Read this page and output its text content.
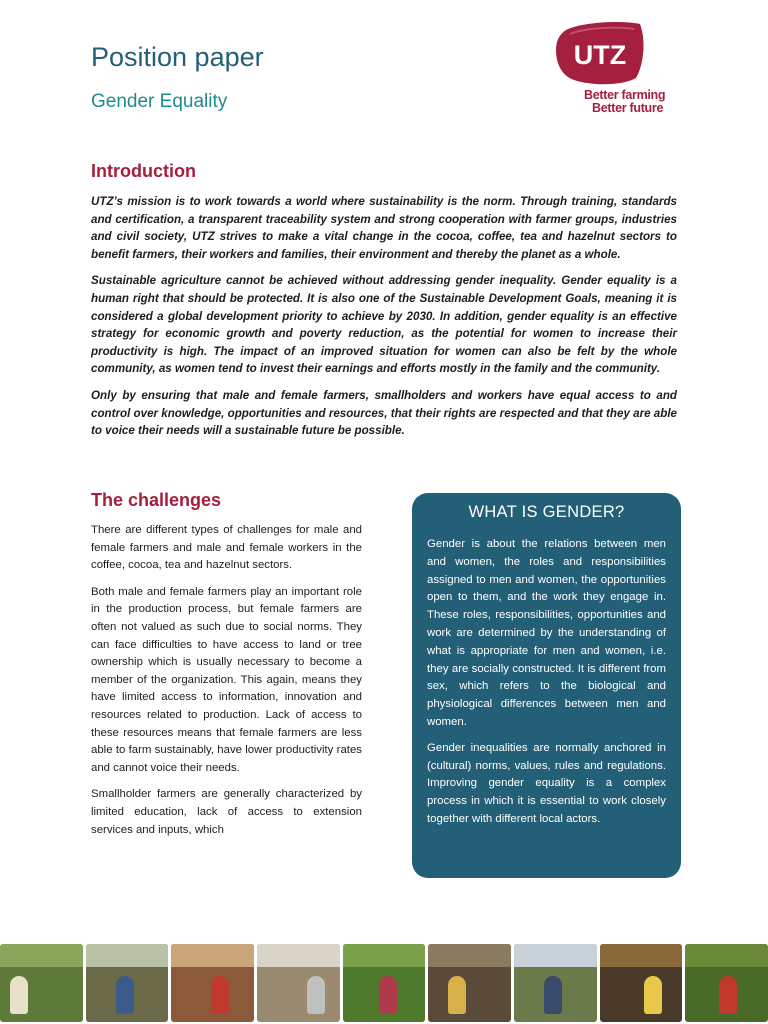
Position paper
Gender Equality
UTZ
Better farming
Better future
Introduction

UTZ’s mission is to work towards a world where sustainability is the norm. Through training, standards and certification, a transparent traceability system and strong cooperation with farmer groups, industries and civil society, UTZ strives to make a vital change in the cocoa, coffee, tea and hazelnut sectors to benefit farmers, their workers and families, their environment and thereby the planet as a whole.

Sustainable agriculture cannot be achieved without addressing gender inequality. Gender equality is a human right that should be protected. It is also one of the Sustainable Development Goals, meaning it is considered a global development priority to achieve by 2030. In addition, gender equality is an effective strategy for economic growth and poverty reduction, as the potential for women to increase their productivity is high. The impact of an improved situation for women can also be felt by the whole community, as women tend to invest their earnings and efforts mostly in the family and the community.

Only by ensuring that male and female farmers, smallholders and workers have equal access to and control over knowledge, opportunities and resources, that their rights are respected and that they are able to voice their needs will a sustainable future be possible.

The challenges

There are different types of challenges for male and female farmers and male and female workers in the coffee, cocoa, tea and hazelnut sectors.

Both male and female farmers play an important role in the production process, but female farmers are often not valued as such due to social norms. They can face difficulties to have access to land or tree ownership which is usually necessary to become a member of the organization. This again, means they have limited access to information, innovation and resources related to production. Lack of access to these resources means that female farmers are less able to farm sustainably, have lower productivity rates and cannot voice their needs.

Smallholder farmers are generally characterized by limited education, lack of access to extension services and inputs, which

WHAT IS GENDER?

Gender is about the relations between men and women, the roles and responsibilities assigned to men and women, the opportunities open to them, and the work they engage in. These roles, responsibilities, opportunities and work are determined by the understanding of what is appropriate for men and women, i.e. they are socially constructed. It is different from sex, which refers to the biological and physiological differences between men and women.

Gender inequalities are normally anchored in (cultural) norms, values, rules and regulations. Improving gender equality is a complex process in which it is essential to work closely together with different local actors.
